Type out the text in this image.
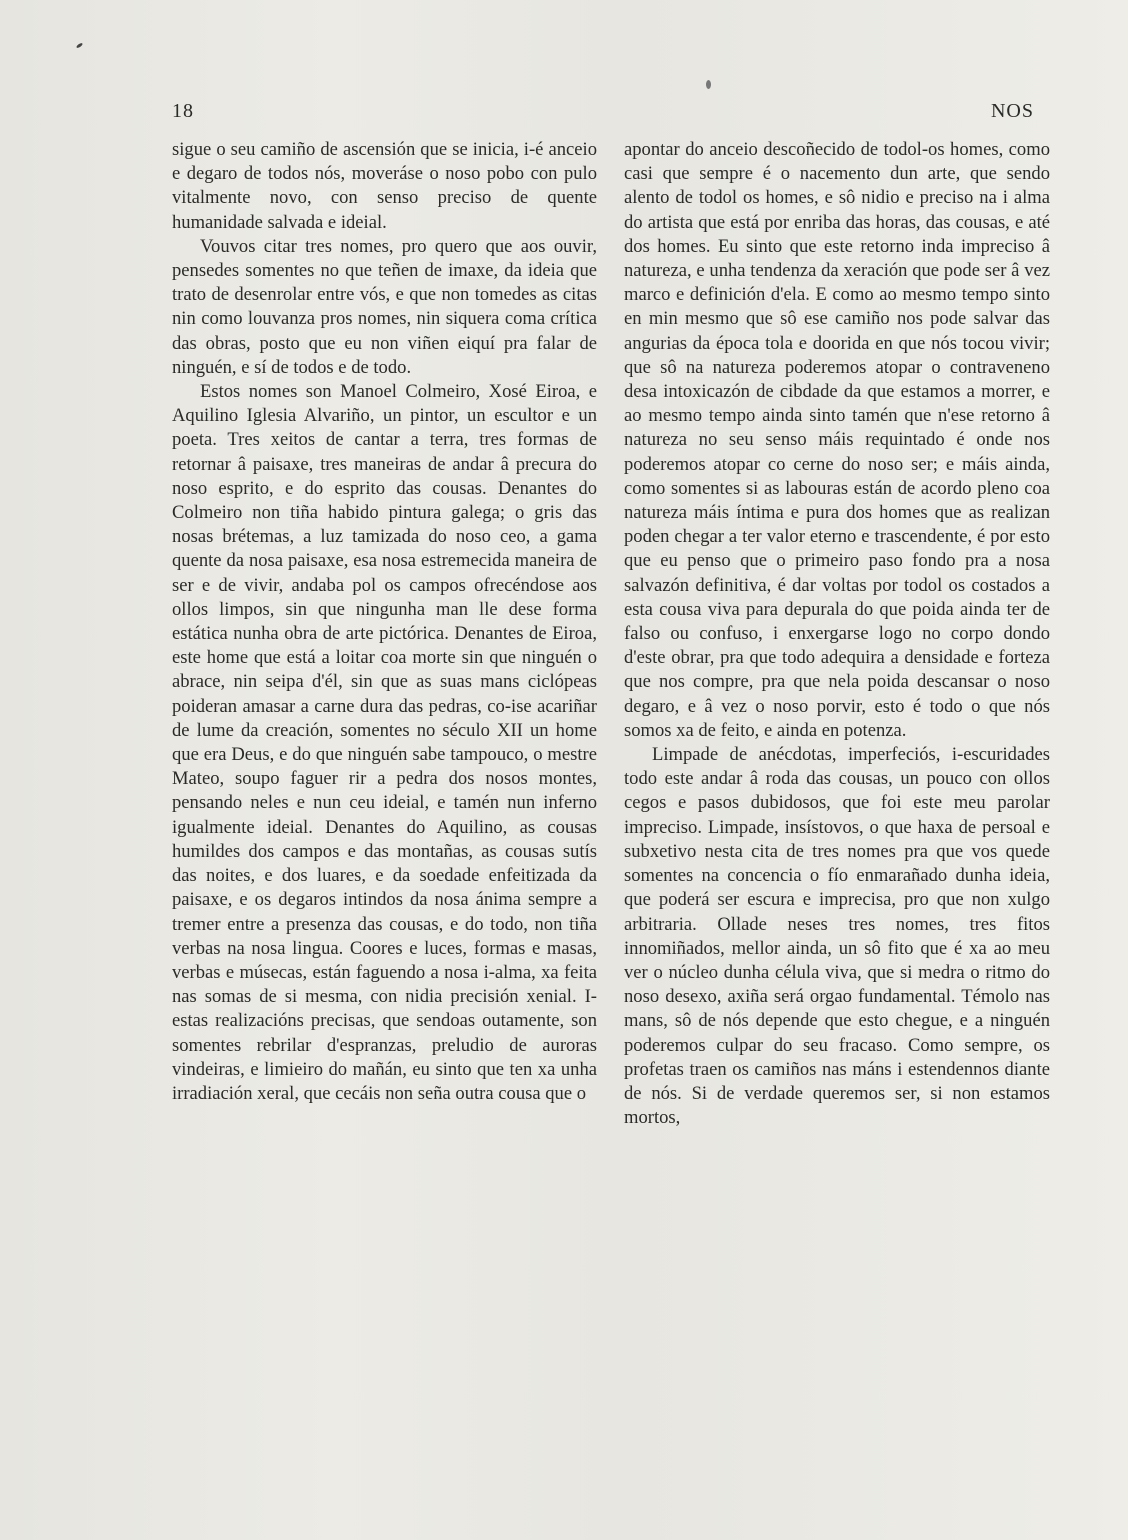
18	NOS

sigue o seu camiño de ascensión que se inicia, i-é anceio e degaro de todos nós, moveráse o noso pobo con pulo vitalmente novo, con senso preciso de quente humanidade salvada e ideial.

Vouvos citar tres nomes, pro quero que aos ouvir, pensedes somentes no que teñen de imaxe, da ideia que trato de desenrolar entre vós, e que non tomedes as citas nin como louvanza pros nomes, nin siquera coma crítica das obras, posto que eu non viñen eiquí pra falar de ninguén, e sí de todos e de todo.

Estos nomes son Manoel Colmeiro, Xosé Eiroa, e Aquilino Iglesia Alvariño, un pintor, un escultor e un poeta. Tres xeitos de cantar a terra, tres formas de retornar â paisaxe, tres maneiras de andar â precura do noso esprito, e do esprito das cousas. Denantes do Colmeiro non tiña habido pintura galega; o gris das nosas brétemas, a luz tamizada do noso ceo, a gama quente da nosa paisaxe, esa nosa estremecida maneira de ser e de vivir, andaba pol os campos ofrecéndose aos ollos limpos, sin que ningunha man lle dese forma estática nunha obra de arte pictórica. Denantes de Eiroa, este home que está a loitar coa morte sin que ninguén o abrace, nin seipa d'él, sin que as suas mans ciclópeas poideran amasar a carne dura das pedras, co-ise acariñar de lume da creación, somentes no século XII un home que era Deus, e do que ninguén sabe tampouco, o mestre Mateo, soupo faguer rir a pedra dos nosos montes, pensando neles e nun ceu ideial, e tamén nun inferno igualmente ideial. Denantes do Aquilino, as cousas humildes dos campos e das montañas, as cousas sutís das noites, e dos luares, e da soedade enfeitizada da paisaxe, e os degaros intindos da nosa ánima sempre a tremer entre a presenza das cousas, e do todo, non tiña verbas na nosa lingua. Coores e luces, formas e masas, verbas e músecas, están faguendo a nosa i-alma, xa feita nas somas de si mesma, con nidia precisión xenial. I-estas realizacións precisas, que sendoas outamente, son somentes rebrilar d'espranzas, preludio de auroras vindeiras, e limieiro do mañán, eu sinto que ten xa unha irradiación xeral, que cecáis non seña outra cousa que o

apontar do anceio descoñecido de todol-os homes, como casi que sempre é o nacemento dun arte, que sendo alento de todol os homes, e sô nidio e preciso na i alma do artista que está por enriba das horas, das cousas, e até dos homes. Eu sinto que este retorno inda impreciso â natureza, e unha tendenza da xeración que pode ser â vez marco e definición d'ela. E como ao mesmo tempo sinto en min mesmo que sô ese camiño nos pode salvar das angurias da época tola e doorida en que nós tocou vivir; que sô na natureza poderemos atopar o contraveneno desa intoxicazón de cibdade da que estamos a morrer, e ao mesmo tempo ainda sinto tamén que n'ese retorno â natureza no seu senso máis requintado é onde nos poderemos atopar co cerne do noso ser; e máis ainda, como somentes si as labouras están de acordo pleno coa natureza máis íntima e pura dos homes que as realizan poden chegar a ter valor eterno e trascendente, é por esto que eu penso que o primeiro paso fondo pra a nosa salvazón definitiva, é dar voltas por todol os costados a esta cousa viva para depurala do que poida ainda ter de falso ou confuso, i enxergarse logo no corpo dondo d'este obrar, pra que todo adequira a densidade e forteza que nos compre, pra que nela poida descansar o noso degaro, e â vez o noso porvir, esto é todo o que nós somos xa de feito, e ainda en potenza.

Limpade de anécdotas, imperfeciós, i-escuridades todo este andar â roda das cousas, un pouco con ollos cegos e pasos dubidosos, que foi este meu parolar impreciso. Limpade, insístovos, o que haxa de persoal e subxetivo nesta cita de tres nomes pra que vos quede somentes na concencia o fío enmarañado dunha ideia, que poderá ser escura e imprecisa, pro que non xulgo arbitraria. Ollade neses tres nomes, tres fitos innomiñados, mellor ainda, un sô fito que é xa ao meu ver o núcleo dunha célula viva, que si medra o ritmo do noso desexo, axiña será orgao fundamental. Témolo nas mans, sô de nós depende que esto chegue, e a ninguén poderemos culpar do seu fracaso. Como sempre, os profetas traen os camiños nas máns i estendennos diante de nós. Si de verdade queremos ser, si non estamos mortos,
